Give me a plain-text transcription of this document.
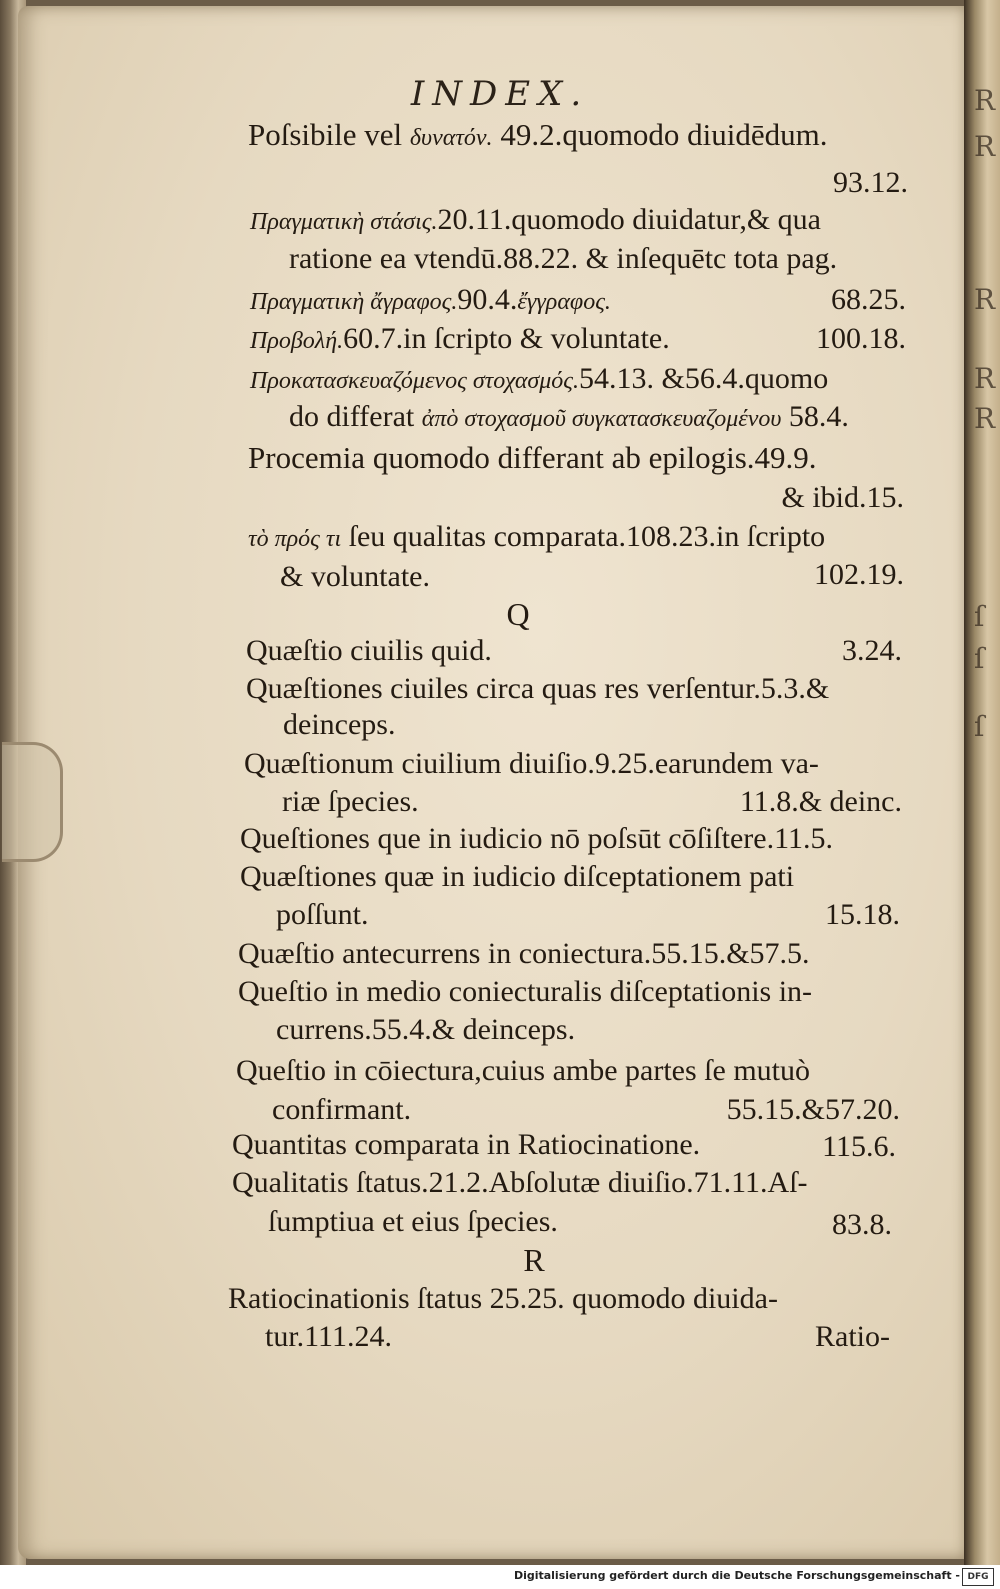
R
R
R
R
R
ſ
ſ
ſ
INDEX.
Poſsibile vel δυνατόν. 49.2.quomodo diuidēdum.
93.12.
Πραγματικὴ στάσις.20.11.quomodo diuidatur,& qua
ratione ea vtendū.88.22. & inſequētc tota pag.
Πραγματικὴ ἄγραφος.90.4.ἔγγραφος.	68.25.
Προβολή.60.7.in ſcripto & voluntate.	100.18.
Προκατασκευαζόμενος στοχασμός.54.13. &56.4.quomo
do differat ἀπὸ στοχασμοῦ συγκατασκευαζομένου 58.4.
Procemia quomodo differant ab epilogis.49.9.
& ibid.15.
τὸ πρός τι ſeu qualitas comparata.108.23.in ſcripto
& voluntate.	102.19.
Q
Quæſtio ciuilis quid.	3.24.
Quæſtiones ciuiles circa quas res verſentur.5.3.&
deinceps.
Quæſtionum ciuilium diuiſio.9.25.earundem va-
riæ ſpecies.	11.8.& deinc.
Queſtiones que in iudicio nō poſsūt cōſiſtere.11.5.
Quæſtiones quæ in iudicio diſceptationem pati
poſſunt.	15.18.
Quæſtio antecurrens in coniectura.55.15.&57.5.
Queſtio in medio coniecturalis diſceptationis in-
currens.55.4.& deinceps.
Queſtio in cōiectura,cuius ambe partes ſe mutuò
confirmant.	55.15.&57.20.
Quantitas comparata in Ratiocinatione.	115.6.
Qualitatis ſtatus.21.2.Abſolutæ diuiſio.71.11.Aſ-
ſumptiua et eius ſpecies.	83.8.
R
Ratiocinationis ſtatus 25.25. quomodo diuida-
tur.111.24.	Ratio-
Digitalisierung gefördert durch die Deutsche Forschungsgemeinschaft - DFG
